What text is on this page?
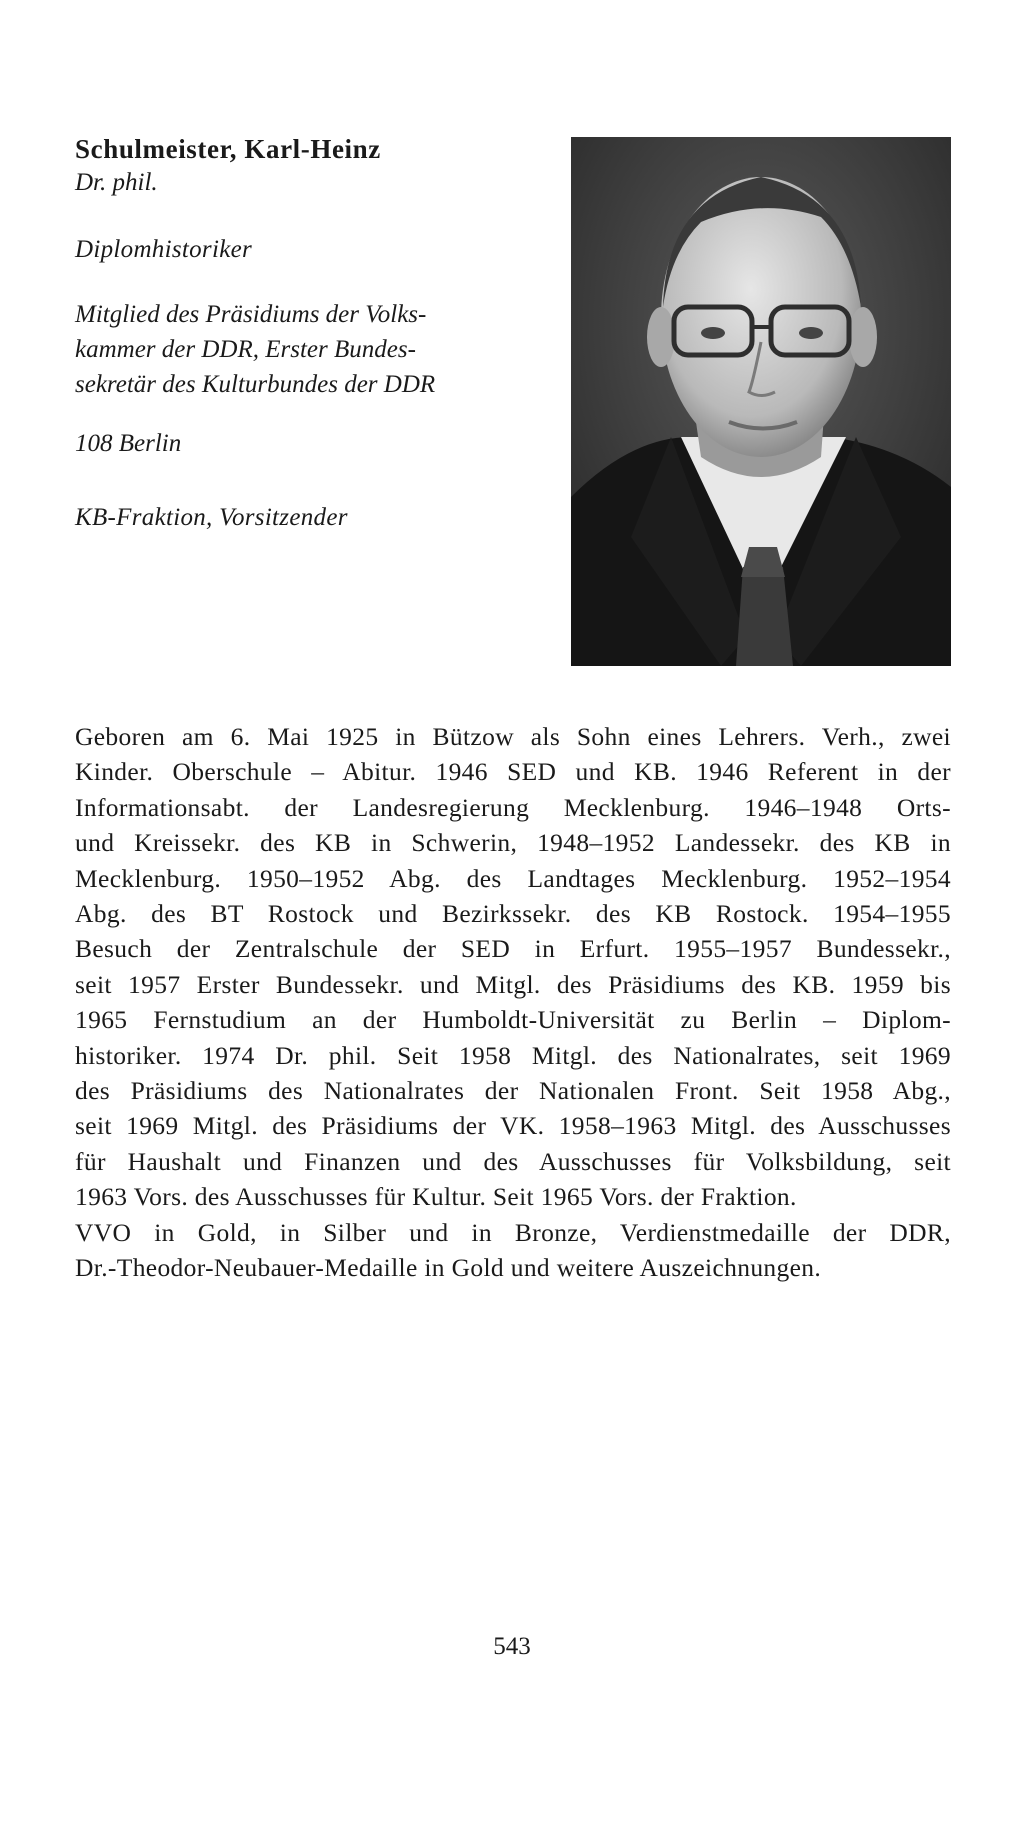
Schulmeister, Karl-Heinz

Dr. phil.

Diplomhistoriker

Mitglied des Präsidiums der Volks-
kammer der DDR, Erster Bundes-
sekretär des Kulturbundes der DDR

108 Berlin

KB-Fraktion, Vorsitzender

Geboren am 6. Mai 1925 in Bützow als Sohn eines Lehrers. Verh., zwei
Kinder. Oberschule – Abitur. 1946 SED und KB. 1946 Referent in der
Informationsabt. der Landesregierung Mecklenburg. 1946–1948 Orts-
und Kreissekr. des KB in Schwerin, 1948–1952 Landessekr. des KB in
Mecklenburg. 1950–1952 Abg. des Landtages Mecklenburg. 1952–1954
Abg. des BT Rostock und Bezirkssekr. des KB Rostock. 1954–1955
Besuch der Zentralschule der SED in Erfurt. 1955–1957 Bundessekr.,
seit 1957 Erster Bundessekr. und Mitgl. des Präsidiums des KB. 1959 bis
1965 Fernstudium an der Humboldt-Universität zu Berlin – Diplom-
historiker. 1974 Dr. phil. Seit 1958 Mitgl. des Nationalrates, seit 1969
des Präsidiums des Nationalrates der Nationalen Front. Seit 1958 Abg.,
seit 1969 Mitgl. des Präsidiums der VK. 1958–1963 Mitgl. des Ausschusses
für Haushalt und Finanzen und des Ausschusses für Volksbildung, seit
1963 Vors. des Ausschusses für Kultur. Seit 1965 Vors. der Fraktion.
VVO in Gold, in Silber und in Bronze, Verdienstmedaille der DDR,
Dr.-Theodor-Neubauer-Medaille in Gold und weitere Auszeichnungen.

543
